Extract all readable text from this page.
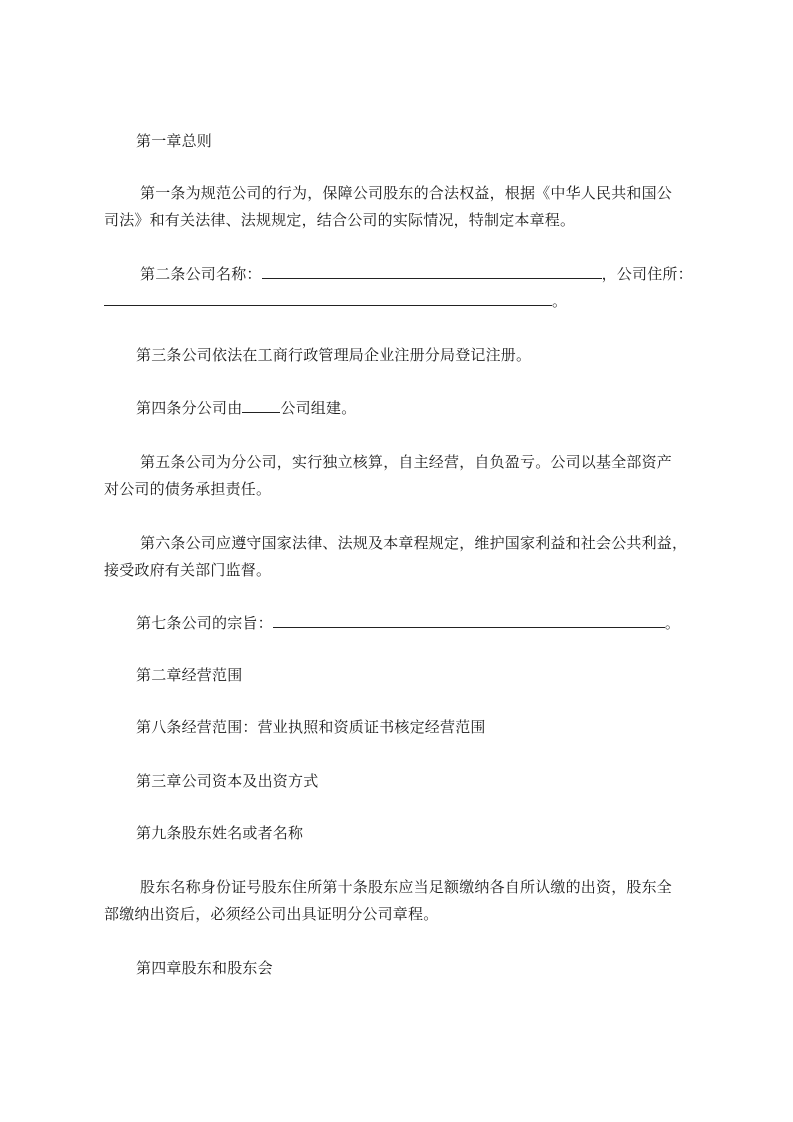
第一章总则
第一条为规范公司的行为，保障公司股东的合法权益，根据《中华人民共和国公
司法》和有关法律、法规规定，结合公司的实际情况，特制定本章程。
第二条公司名称：	，公司住所：
。
第三条公司依法在工商行政管理局企业注册分局登记注册。
第四条分公司由	公司组建。
第五条公司为分公司，实行独立核算，自主经营，自负盈亏。公司以基全部资产
对公司的债务承担责任。
第六条公司应遵守国家法律、法规及本章程规定，维护国家利益和社会公共利益，
接受政府有关部门监督。
第七条公司的宗旨：	。
第二章经营范围
第八条经营范围：营业执照和资质证书核定经营范围
第三章公司资本及出资方式
第九条股东姓名或者名称
股东名称身份证号股东住所第十条股东应当足额缴纳各自所认缴的出资，股东全
部缴纳出资后，必须经公司出具证明分公司章程。
第四章股东和股东会
